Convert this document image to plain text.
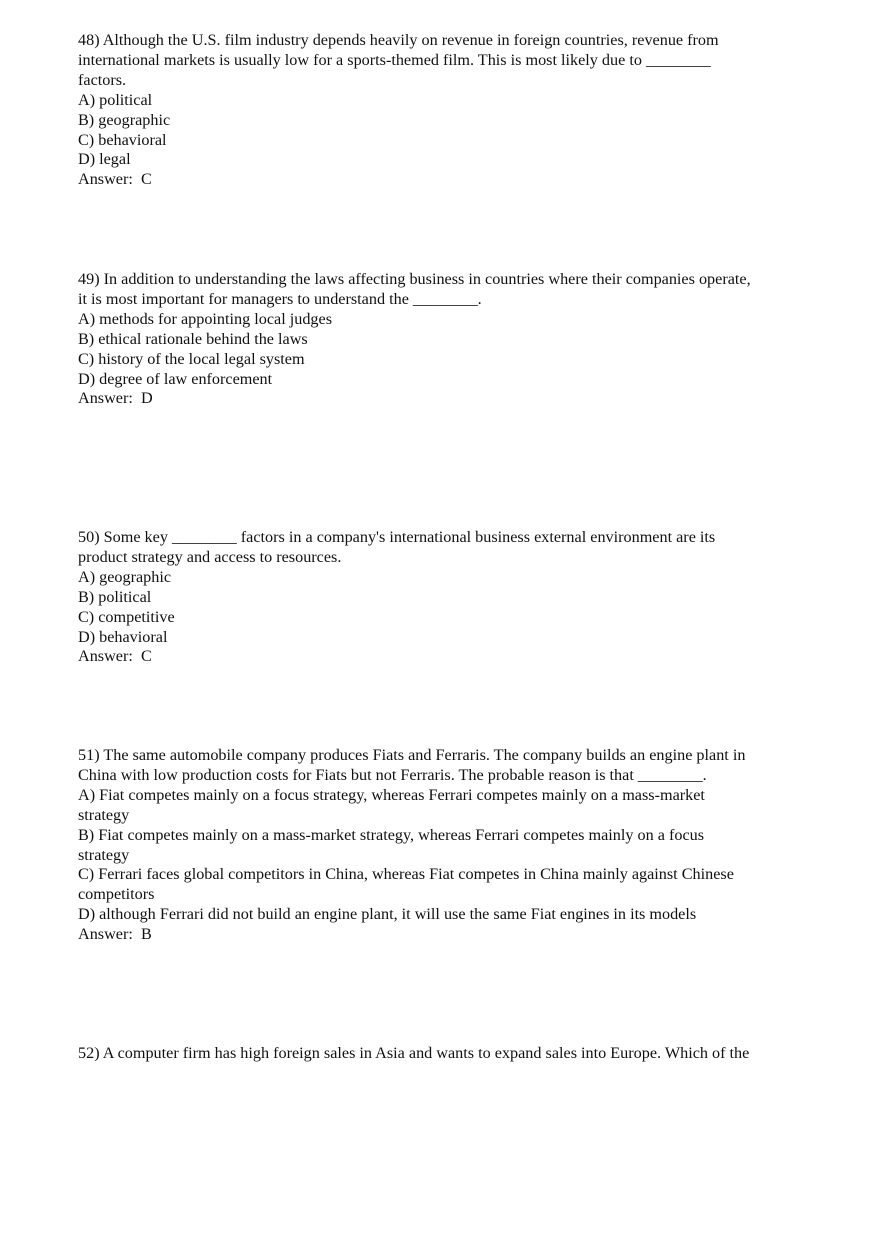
48) Although the U.S. film industry depends heavily on revenue in foreign countries, revenue from
international markets is usually low for a sports-themed film. This is most likely due to ________
factors.
A) political
B) geographic
C) behavioral
D) legal
Answer:  C
49) In addition to understanding the laws affecting business in countries where their companies operate,
it is most important for managers to understand the ________.
A) methods for appointing local judges
B) ethical rationale behind the laws
C) history of the local legal system
D) degree of law enforcement
Answer:  D
50) Some key ________ factors in a company's international business external environment are its
product strategy and access to resources.
A) geographic
B) political
C) competitive
D) behavioral
Answer:  C
51) The same automobile company produces Fiats and Ferraris. The company builds an engine plant in
China with low production costs for Fiats but not Ferraris. The probable reason is that ________.
A) Fiat competes mainly on a focus strategy, whereas Ferrari competes mainly on a mass-market
strategy
B) Fiat competes mainly on a mass-market strategy, whereas Ferrari competes mainly on a focus
strategy
C) Ferrari faces global competitors in China, whereas Fiat competes in China mainly against Chinese
competitors
D) although Ferrari did not build an engine plant, it will use the same Fiat engines in its models
Answer:  B
52) A computer firm has high foreign sales in Asia and wants to expand sales into Europe. Which of the
